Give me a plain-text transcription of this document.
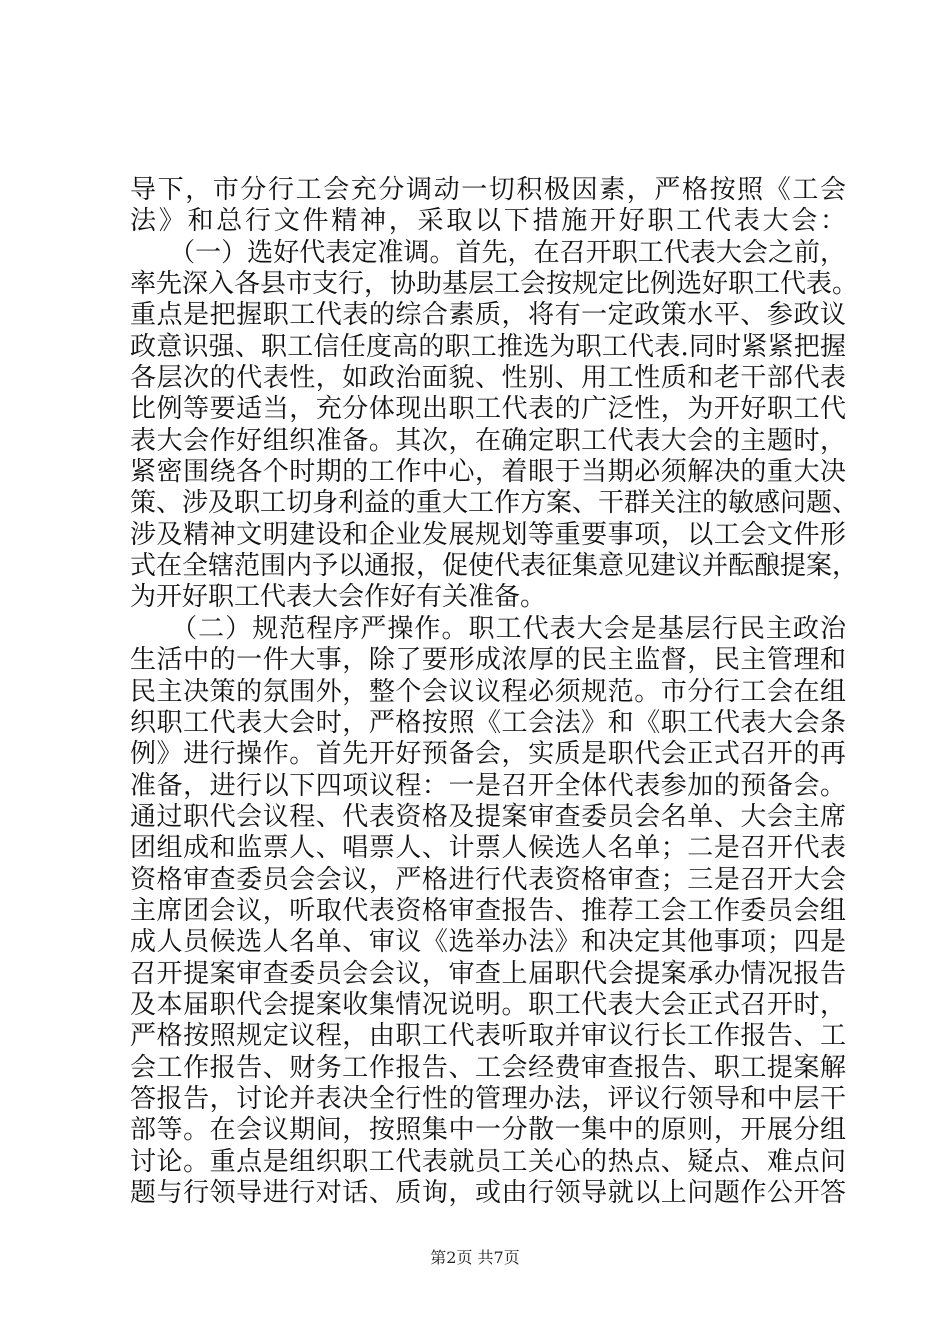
导下，市分行工会充分调动一切积极因素，严格按照《工会
法》和总行文件精神，采取以下措施开好职工代表大会：
　　（一）选好代表定准调。首先，在召开职工代表大会之前，
率先深入各县市支行，协助基层工会按规定比例选好职工代表。
重点是把握职工代表的综合素质，将有一定政策水平、参政议
政意识强、职工信任度高的职工推选为职工代表.同时紧紧把握
各层次的代表性，如政治面貌、性别、用工性质和老干部代表
比例等要适当，充分体现出职工代表的广泛性，为开好职工代
表大会作好组织准备。其次，在确定职工代表大会的主题时，
紧密围绕各个时期的工作中心，着眼于当期必须解决的重大决
策、涉及职工切身利益的重大工作方案、干群关注的敏感问题、
涉及精神文明建设和企业发展规划等重要事项，以工会文件形
式在全辖范围内予以通报，促使代表征集意见建议并酝酿提案，
为开好职工代表大会作好有关准备。
　　（二）规范程序严操作。职工代表大会是基层行民主政治
生活中的一件大事，除了要形成浓厚的民主监督，民主管理和
民主决策的氛围外，整个会议议程必须规范。市分行工会在组
织职工代表大会时，严格按照《工会法》和《职工代表大会条
例》进行操作。首先开好预备会，实质是职代会正式召开的再
准备，进行以下四项议程：一是召开全体代表参加的预备会。
通过职代会议程、代表资格及提案审查委员会名单、大会主席
团组成和监票人、唱票人、计票人候选人名单；二是召开代表
资格审查委员会会议，严格进行代表资格审查；三是召开大会
主席团会议，听取代表资格审查报告、推荐工会工作委员会组
成人员候选人名单、审议《选举办法》和决定其他事项；四是
召开提案审查委员会会议，审查上届职代会提案承办情况报告
及本届职代会提案收集情况说明。职工代表大会正式召开时，
严格按照规定议程，由职工代表听取并审议行长工作报告、工
会工作报告、财务工作报告、工会经费审查报告、职工提案解
答报告，讨论并表决全行性的管理办法，评议行领导和中层干
部等。在会议期间，按照集中一分散一集中的原则，开展分组
讨论。重点是组织职工代表就员工关心的热点、疑点、难点问
题与行领导进行对话、质询，或由行领导就以上问题作公开答
第2页 共7页
